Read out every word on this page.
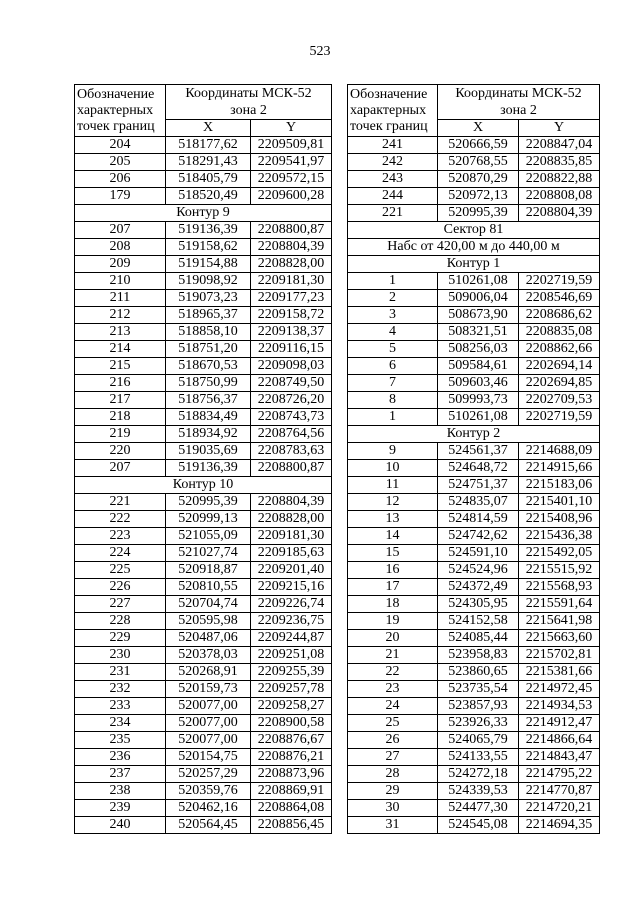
523
Обозначение
характерных
точек границ	Координаты МСК-52
зона 2	
	X	Y
204	518177,62	2209509,81
205	518291,43	2209541,97
206	518405,79	2209572,15
179	518520,49	2209600,28
Контур 9		
207	519136,39	2208800,87
208	519158,62	2208804,39
209	519154,88	2208828,00
210	519098,92	2209181,30
211	519073,23	2209177,23
212	518965,37	2209158,72
213	518858,10	2209138,37
214	518751,20	2209116,15
215	518670,53	2209098,03
216	518750,99	2208749,50
217	518756,37	2208726,20
218	518834,49	2208743,73
219	518934,92	2208764,56
220	519035,69	2208783,63
207	519136,39	2208800,87
Контур 10		
221	520995,39	2208804,39
222	520999,13	2208828,00
223	521055,09	2209181,30
224	521027,74	2209185,63
225	520918,87	2209201,40
226	520810,55	2209215,16
227	520704,74	2209226,74
228	520595,98	2209236,75
229	520487,06	2209244,87
230	520378,03	2209251,08
231	520268,91	2209255,39
232	520159,73	2209257,78
233	520077,00	2209258,27
234	520077,00	2208900,58
235	520077,00	2208876,67
236	520154,75	2208876,21
237	520257,29	2208873,96
238	520359,76	2208869,91
239	520462,16	2208864,08
240	520564,45	2208856,45
Обозначение
характерных
точек границ	Координаты МСК-52
зона 2	
	X	Y
241	520666,59	2208847,04
242	520768,55	2208835,85
243	520870,29	2208822,88
244	520972,13	2208808,08
221	520995,39	2208804,39
Сектор 81		
Набс от 420,00 м до 440,00 м		
Контур 1		
1	510261,08	2202719,59
2	509006,04	2208546,69
3	508673,90	2208686,62
4	508321,51	2208835,08
5	508256,03	2208862,66
6	509584,61	2202694,14
7	509603,46	2202694,85
8	509993,73	2202709,53
1	510261,08	2202719,59
Контур 2		
9	524561,37	2214688,09
10	524648,72	2214915,66
11	524751,37	2215183,06
12	524835,07	2215401,10
13	524814,59	2215408,96
14	524742,62	2215436,38
15	524591,10	2215492,05
16	524524,96	2215515,92
17	524372,49	2215568,93
18	524305,95	2215591,64
19	524152,58	2215641,98
20	524085,44	2215663,60
21	523958,83	2215702,81
22	523860,65	2215381,66
23	523735,54	2214972,45
24	523857,93	2214934,53
25	523926,33	2214912,47
26	524065,79	2214866,64
27	524133,55	2214843,47
28	524272,18	2214795,22
29	524339,53	2214770,87
30	524477,30	2214720,21
31	524545,08	2214694,35
